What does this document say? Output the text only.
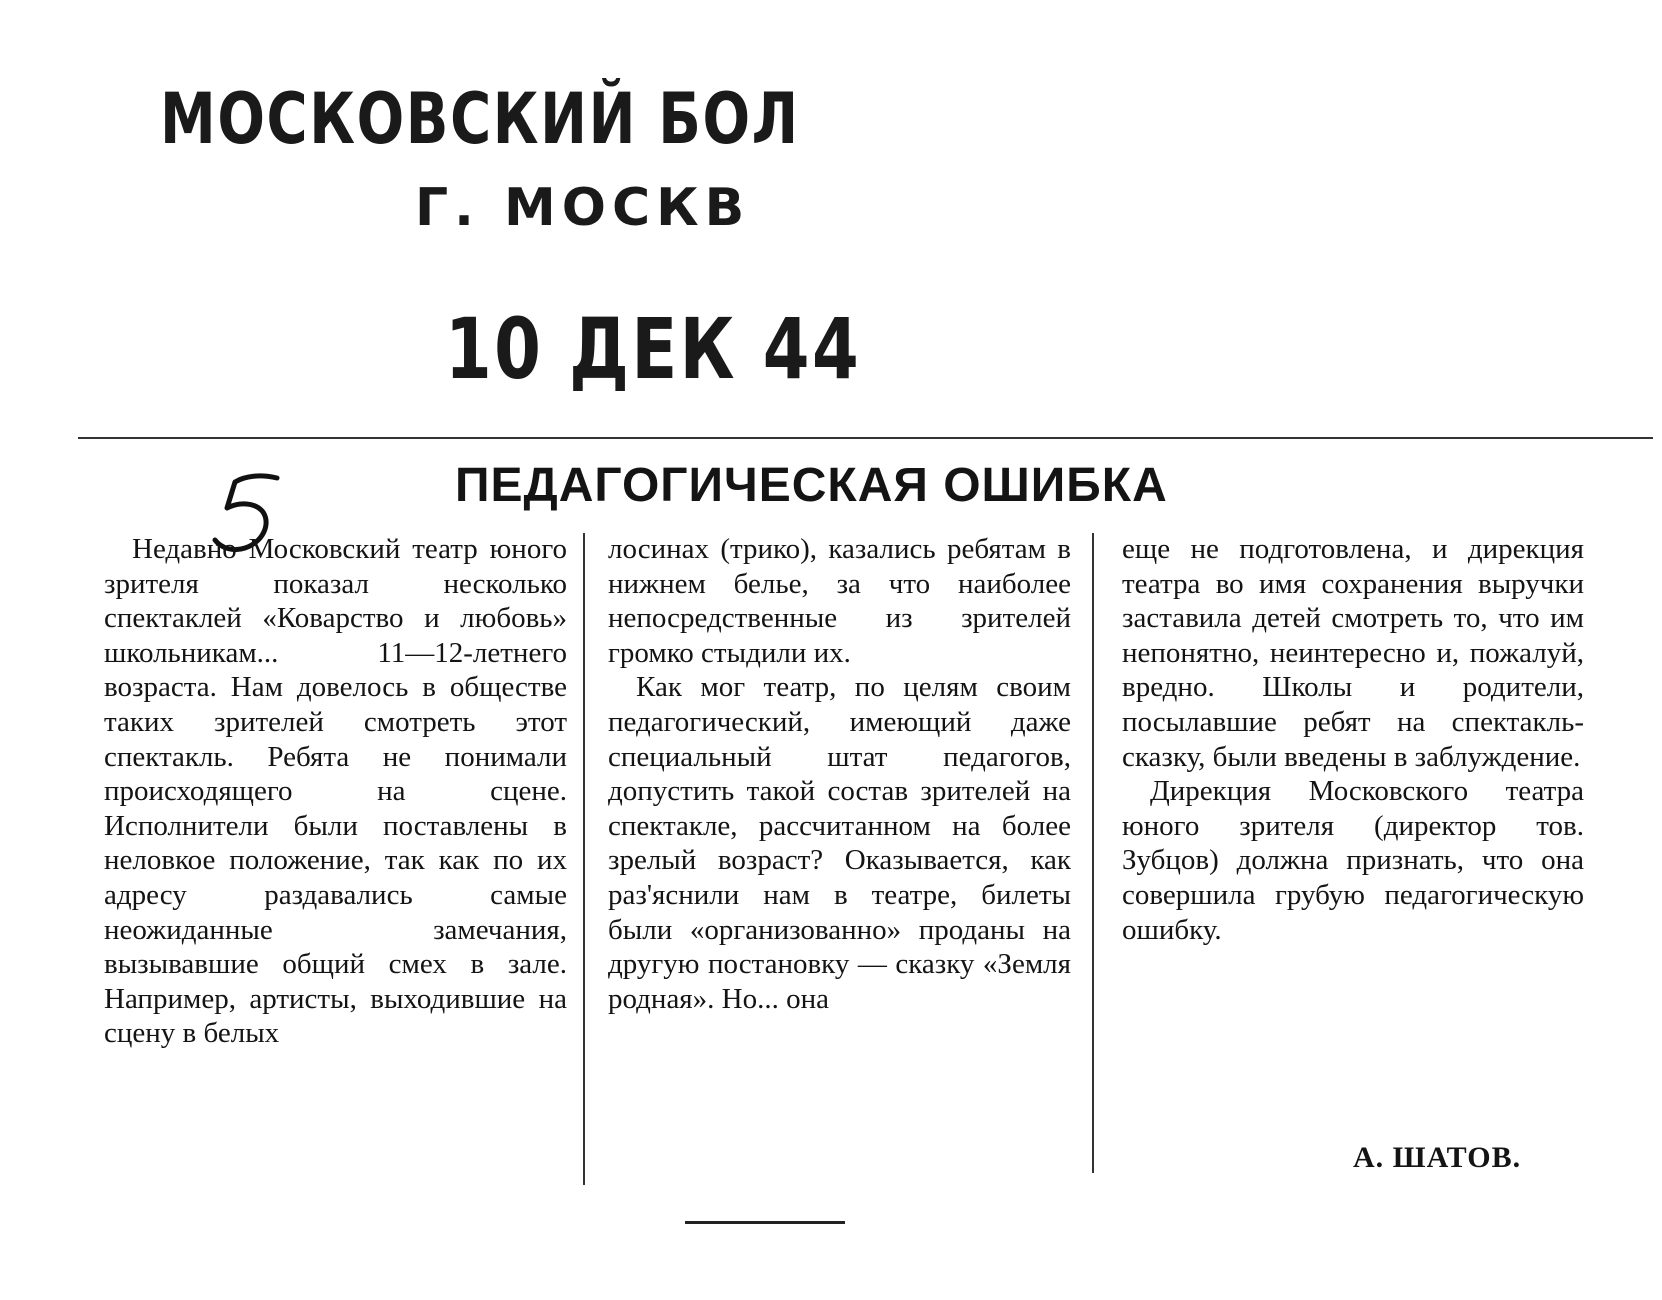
МОСКОВСКИЙ БОЛ
Г. МОСКВ
10 ДЕК 44
ПЕДАГОГИЧЕСКАЯ ОШИБКА

Недавно Московский театр юного зрителя показал несколько спектаклей «Коварство и любовь» школьникам... 11—12-летнего возраста. Нам довелось в обществе таких зрителей смотреть этот спектакль. Ребята не понимали происходящего на сцене. Исполнители были поставлены в неловкое положение, так как по их адресу раздавались самые неожиданные замечания, вызывавшие общий смех в зале. Например, артисты, выходившие на сцену в белых

лосинах (трико), казались ребятам в нижнем белье, за что наиболее непосредственные из зрителей громко стыдили их.

Как мог театр, по целям своим педагогический, имеющий даже специальный штат педагогов, допустить такой состав зрителей на спектакле, рассчитанном на более зрелый возраст? Оказывается, как раз'яснили нам в театре, билеты были «организованно» проданы на другую постановку — сказку «Земля родная». Но... она

еще не подготовлена, и дирекция театра во имя сохранения выручки заставила детей смотреть то, что им непонятно, неинтересно и, пожалуй, вредно. Школы и родители, посылавшие ребят на спектакль-сказку, были введены в заблуждение.

Дирекция Московского театра юного зрителя (директор тов. Зубцов) должна признать, что она совершила грубую педагогическую ошибку.

А. ШАТОВ.
